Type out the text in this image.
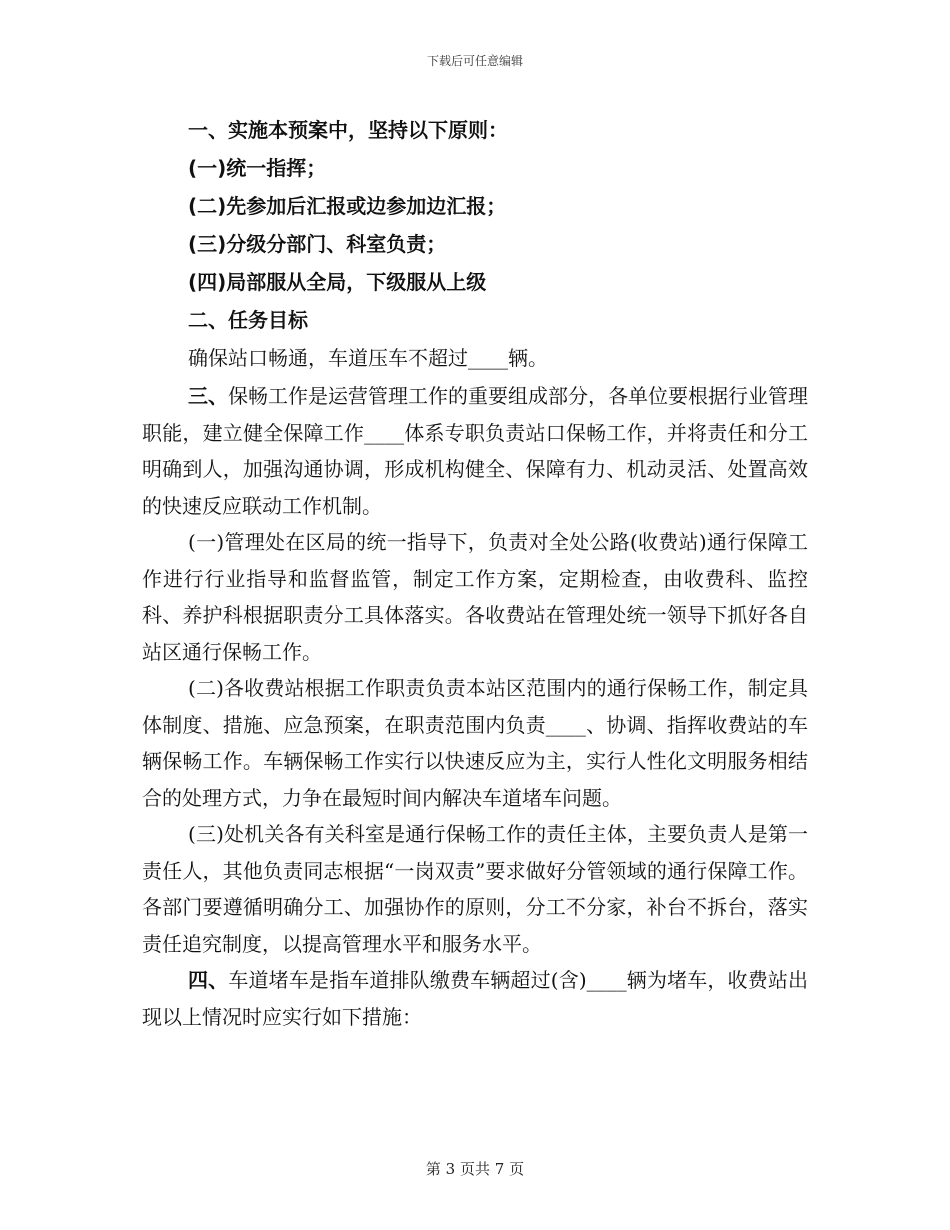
下载后可任意编辑
一、实施本预案中，坚持以下原则：
(一)统一指挥；
(二)先参加后汇报或边参加边汇报；
(三)分级分部门、科室负责；
(四)局部服从全局，下级服从上级
二、任务目标
确保站口畅通，车道压车不超过____辆。

三、保畅工作是运营管理工作的重要组成部分，各单位要根据行业管理职能，建立健全保障工作____体系专职负责站口保畅工作，并将责任和分工明确到人，加强沟通协调，形成机构健全、保障有力、机动灵活、处置高效的快速反应联动工作机制。

(一)管理处在区局的统一指导下，负责对全处公路(收费站)通行保障工作进行行业指导和监督监管，制定工作方案，定期检查，由收费科、监控科、养护科根据职责分工具体落实。各收费站在管理处统一领导下抓好各自站区通行保畅工作。

(二)各收费站根据工作职责负责本站区范围内的通行保畅工作，制定具体制度、措施、应急预案，在职责范围内负责____、协调、指挥收费站的车辆保畅工作。车辆保畅工作实行以快速反应为主，实行人性化文明服务相结合的处理方式，力争在最短时间内解决车道堵车问题。

(三)处机关各有关科室是通行保畅工作的责任主体，主要负责人是第一责任人，其他负责同志根据“一岗双责”要求做好分管领域的通行保障工作。各部门要遵循明确分工、加强协作的原则，分工不分家，补台不拆台，落实责任追究制度，以提高管理水平和服务水平。

四、车道堵车是指车道排队缴费车辆超过(含)____辆为堵车，收费站出现以上情况时应实行如下措施：

第 3 页共 7 页
